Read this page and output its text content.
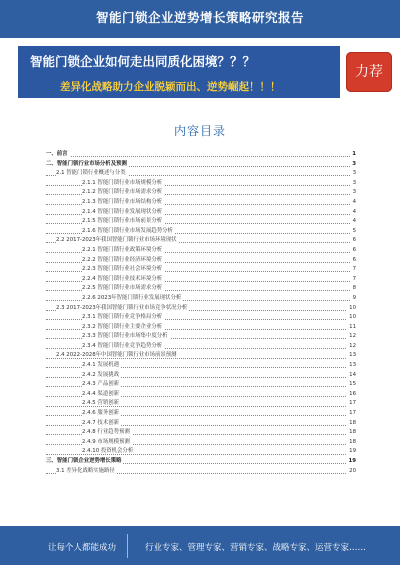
智能门锁企业逆势增长策略研究报告
智能门锁企业如何走出同质化困境？？？
差异化战略助力企业脱颖而出、逆势崛起！！！
力荐
内容目录
一、前言	1
二、智能门锁行业市场分析及预测	3
2.1 智能门锁行业概述与分类	3
2.1.1 智能门锁行业市场规模分析	3
2.1.2 智能门锁行业市场需求分析	3
2.1.3 智能门锁行业市场结构分析	4
2.1.4 智能门锁行业发展现状分析	4
2.1.5 智能门锁行业市场前景分析	4
2.1.6 智能门锁行业市场发展趋势分析	5
2.2 2017-2023年我国智能门锁行业市场环境现状	6
2.2.1 智能门锁行业政策环境分析	6
2.2.2 智能门锁行业经济环境分析	6
2.2.3 智能门锁行业社会环境分析	7
2.2.4 智能门锁行业技术环境分析	7
2.2.5 智能门锁行业市场需求分析	8
2.2.6 2023年智能门锁行业发展现状分析	9
2.3 2017-2023年我国智能门锁行业市场竞争状况分析	10
2.3.1 智能门锁行业竞争格局分析	10
2.3.2 智能门锁行业主要企业分析	11
2.3.3 智能门锁行业市场集中度分析	12
2.3.4 智能门锁行业竞争趋势分析	12
2.4 2022-2028年中国智能门锁行业市场前景预测	13
2.4.1 发展机遇	13
2.4.2 发展挑战	14
2.4.3 产品创新	15
2.4.4 渠道创新	16
2.4.5 营销创新	17
2.4.6 服务创新	17
2.4.7 技术创新	18
2.4.8 行业趋势预测	18
2.4.9 市场规模预测	18
2.4.10 投资机会分析	19
三、智能门锁企业逆势增长策略	19
3.1 差异化战略实施路径	20
让每个人都能成功	行业专家、管理专家、营销专家、战略专家、运营专家……
